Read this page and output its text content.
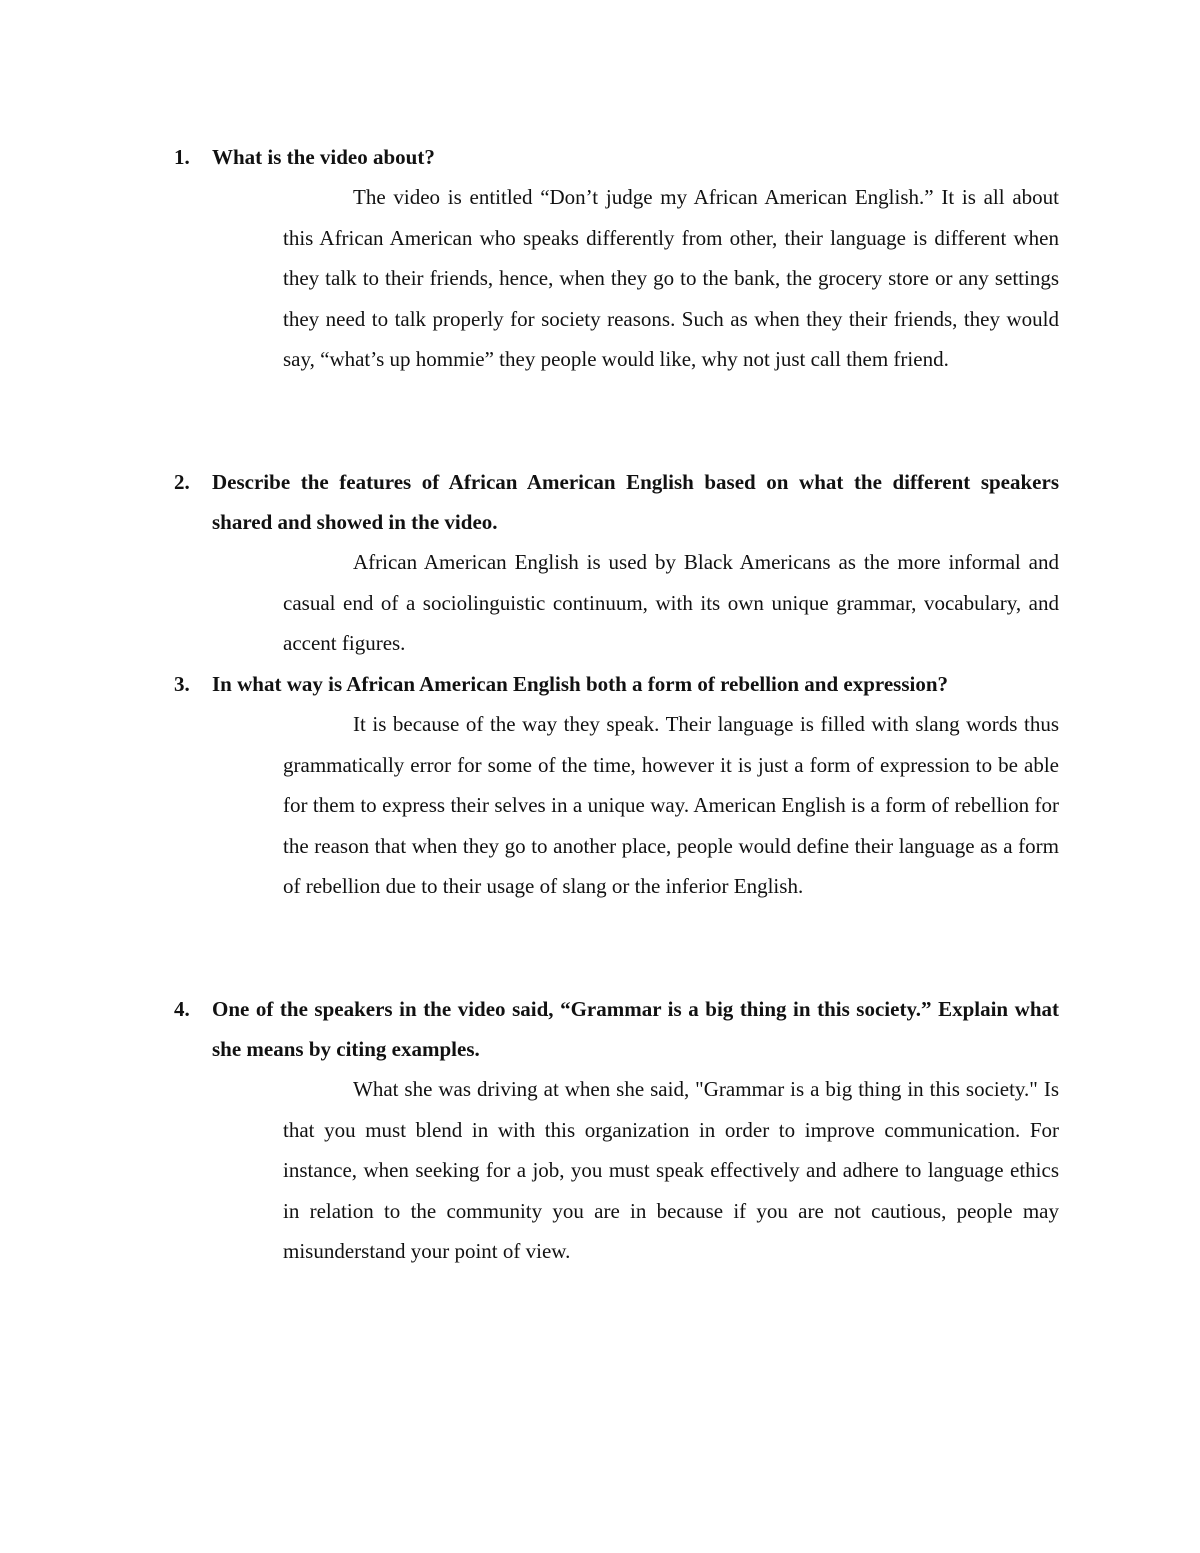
1. What is the video about?

The video is entitled “Don’t judge my African American English.” It is all about this African American who speaks differently from other, their language is different when they talk to their friends, hence, when they go to the bank, the grocery store or any settings they need to talk properly for society reasons. Such as when they their friends, they would say, “what’s up hommie” they people would like, why not just call them friend.

2. Describe the features of African American English based on what the different speakers shared and showed in the video.

African American English is used by Black Americans as the more informal and casual end of a sociolinguistic continuum, with its own unique grammar, vocabulary, and accent figures.

3. In what way is African American English both a form of rebellion and expression?

It is because of the way they speak. Their language is filled with slang words thus grammatically error for some of the time, however it is just a form of expression to be able for them to express their selves in a unique way. American English is a form of rebellion for the reason that when they go to another place, people would define their language as a form of rebellion due to their usage of slang or the inferior English.

4. One of the speakers in the video said, “Grammar is a big thing in this society.” Explain what she means by citing examples.

What she was driving at when she said, "Grammar is a big thing in this society." Is that you must blend in with this organization in order to improve communication. For instance, when seeking for a job, you must speak effectively and adhere to language ethics in relation to the community you are in because if you are not cautious, people may misunderstand your point of view.
